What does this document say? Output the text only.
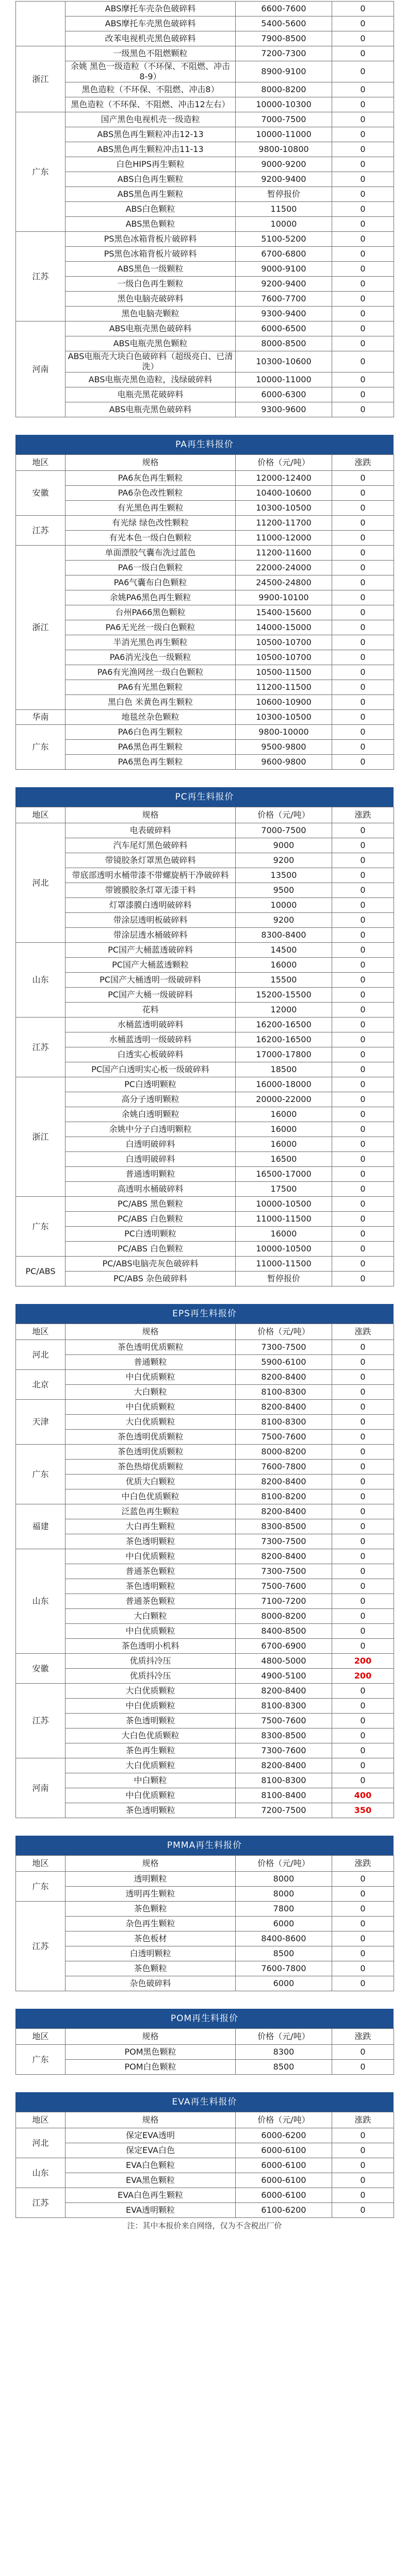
	ABS摩托车壳杂色破碎料	6600-7600	0
	ABS摩托车壳黑色破碎料	5400-5600	0
	改苯电视机壳黑色破碎料	7900-8500	0
浙江	一级黑色不阻燃颗粒	7200-7300	0
	余姚 黑色一级造粒（不环保、不阻燃、冲击8-9）	8900-9100	0
	黑色造粒（不环保、不阻燃、冲击8）	8000-8200	0
	黑色造粒（不环保、不阻燃、冲击12左右）	10000-10300	0
广东	国产黑色电视机壳一级造粒	7000-7500	0
	ABS黑色再生颗粒冲击12-13	10000-11000	0
	ABS黑色再生颗粒冲击11-13	9800-10800	0
	白色HIPS再生颗粒	9000-9200	0
	ABS白色再生颗粒	9200-9400	0
	ABS黑色再生颗粒	暂停报价	0
	ABS白色颗粒	11500	0
	ABS黑色颗粒	10000	0
江苏	PS黑色冰箱背板片破碎料	5100-5200	0
	PS黑色冰箱背板片破碎料	6700-6800	0
	ABS黑色一级颗粒	9000-9100	0
	一级白色再生颗粒	9200-9400	0
	黑色电脑壳破碎料	7600-7700	0
	黑色电脑壳颗粒	9300-9400	0
河南	ABS电瓶壳黑色破碎料	6000-6500	0
	ABS电瓶壳黑色颗粒	8000-8500	0
	ABS电瓶壳大块白色破碎料（超级亮白、已清洗）	10300-10600	0
	ABS电瓶壳黑色造粒，浅绿破碎料	10000-11000	0
	电瓶壳黑花破碎料	6000-6300	0
	ABS电瓶壳黑色破碎料	9300-9600	0
PA再生料报价
地区	规格	价格（元/吨）	涨跌
安徽	PA6灰色再生颗粒	12000-12400	0
	PA6杂色改性颗粒	10400-10600	0
	有光黑色再生颗粒	10300-10500	0
江苏	有光绿 绿色改性颗粒	11200-11700	0
	有光本色一级白色颗粒	11000-12000	0
浙江	单面漂胶气囊布洗过蓝色	11200-11600	0
	PA6一级白色颗粒	22000-24000	0
	PA6气囊布白色颗粒	24500-24800	0
	余姚PA6黑色再生颗粒	9900-10100	0
	台州PA66黑色颗粒	15400-15600	0
	PA6无光丝一级白色颗粒	14000-15000	0
	半消光黑色再生颗粒	10500-10700	0
	PA6消光浅色一级颗粒	10500-10700	0
	PA6有光渔网丝一级白色颗粒	10500-11500	0
	PA6有光黑色颗粒	11200-11500	0
	黑白色 米黄色再生颗粒	10600-10900	0
华南	地毯丝杂色颗粒	10300-10500	0
广东	PA6白色再生颗粒	9800-10000	0
	PA6黑色再生颗粒	9500-9800	0
	PA6黑色再生颗粒	9600-9800	0
PC再生料报价
地区	规格	价格（元/吨）	涨跌
河北	电表破碎料	7000-7500	0
	汽车尾灯黑色破碎料	9000	0
	带镜胶条灯罩黑色破碎料	9200	0
	带底部透明水桶带漆不带螺旋柄干净破碎料	13500	0
	带镀膜胶条灯罩无漆干料	9500	0
	灯罩漆膜白透明破碎料	10000	0
	带涂层透明板破碎料	9200	0
	带涂层透水桶破碎料	8300-8400	0
山东	PC国产大桶蓝透破碎料	14500	0
	PC国产大桶蓝透颗粒	16000	0
	PC国产大桶透明一级破碎料	15500	0
	PC国产大桶一级破碎料	15200-15500	0
	花料	12000	0
江苏	水桶蓝透明破碎料	16200-16500	0
	水桶蓝透明一级破碎料	16200-16500	0
	白透实心板破碎料	17000-17800	0
	PC国产白透明实心板一级破碎料	18500	0
浙江	PC白透明颗粒	16000-18000	0
	高分子透明颗粒	20000-22000	0
	余姚白透明颗粒	16000	0
	余姚中分子白透明颗粒	16000	0
	白透明破碎料	16000	0
	白透明破碎料	16500	0
	普通透明颗粒	16500-17000	0
	高透明水桶破碎料	17500	0
广东	PC/ABS 黑色颗粒	10000-10500	0
	PC/ABS 白色颗粒	11000-11500	0
	PC白透明颗粒	16000	0
	PC/ABS 白色颗粒	10000-10500	0
PC/ABS	PC/ABS电脑壳灰色破碎料	11000-11500	0
	PC/ABS 杂色破碎料	暂停报价	0
EPS再生料报价
地区	规格	价格（元/吨）	涨跌
河北	茶色透明优质颗粒	7300-7500	0
	普通颗粒	5900-6100	0
北京	中白优质颗粒	8200-8400	0
	大白颗粒	8100-8300	0
天津	中白优质颗粒	8200-8400	0
	大白优质颗粒	8100-8300	0
	茶色透明优质颗粒	7500-7600	0
广东	茶色透明优质颗粒	8000-8200	0
	茶色热熔优质颗粒	7600-7800	0
	优质大白颗粒	8200-8400	0
	中白色优质颗粒	8100-8200	0
福建	泛蓝色再生颗粒	8200-8400	0
	大白再生颗粒	8300-8500	0
	茶色透明颗粒	7300-7500	0
山东	中白优质颗粒	8200-8400	0
	普通茶色颗粒	7300-7500	0
	茶色透明颗粒	7500-7600	0
	普通茶色颗粒	7100-7200	0
	大白颗粒	8000-8200	0
	中白优质颗粒	8400-8500	0
	茶色透明小机料	6700-6900	0
安徽	优质抖冷压	4800-5000	200
	优质抖冷压	4900-5100	200
江苏	大白优质颗粒	8200-8400	0
	中白优质颗粒	8100-8300	0
	茶色透明颗粒	7500-7600	0
	大白色优质颗粒	8300-8500	0
	茶色再生颗粒	7300-7600	0
河南	大白优质颗粒	8200-8400	0
	中白颗粒	8100-8300	0
	中白优质颗粒	8100-8400	400
	茶色透明颗粒	7200-7500	350
PMMA再生料报价
地区	规格	价格（元/吨）	涨跌
广东	透明颗粒	8000	0
	透明再生颗粒	8000	0
江苏	茶色颗粒	7800	0
	杂色再生颗粒	6000	0
	茶色板材	8400-8600	0
	白透明颗粒	8500	0
	茶色颗粒	7600-7800	0
	杂色破碎料	6000	0
POM再生料报价
地区	规格	价格（元/吨）	涨跌
广东	POM黑色颗粒	8300	0
	POM白色颗粒	8500	0
EVA再生料报价
地区	规格	价格（元/吨）	涨跌
河北	保定EVA透明	6000-6200	0
	保定EVA白色	6000-6100	0
山东	EVA白色颗粒	6000-6100	0
	EVA黑色颗粒	6000-6100	0
江苏	EVA白色再生颗粒	6000-6100	0
	EVA透明颗粒	6100-6200	0
注：其中本报价来自网络，仅为不含税出厂价
